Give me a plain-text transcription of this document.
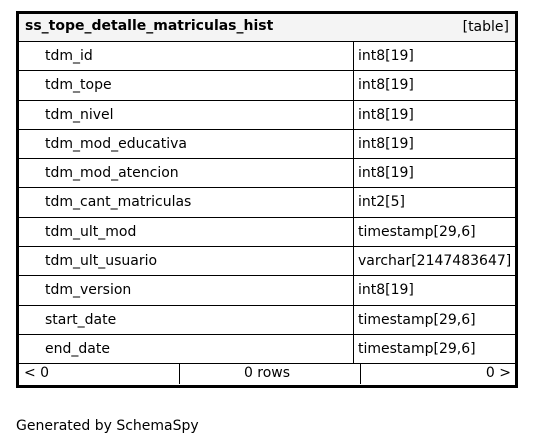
ss_tope_detalle_matriculas_hist	[table]
tdm_id	int8[19]
tdm_tope	int8[19]
tdm_nivel	int8[19]
tdm_mod_educativa	int8[19]
tdm_mod_atencion	int8[19]
tdm_cant_matriculas	int2[5]
tdm_ult_mod	timestamp[29,6]
tdm_ult_usuario	varchar[2147483647]
tdm_version	int8[19]
start_date	timestamp[29,6]
end_date	timestamp[29,6]
< 0	0 rows	0 >
Generated by SchemaSpy
